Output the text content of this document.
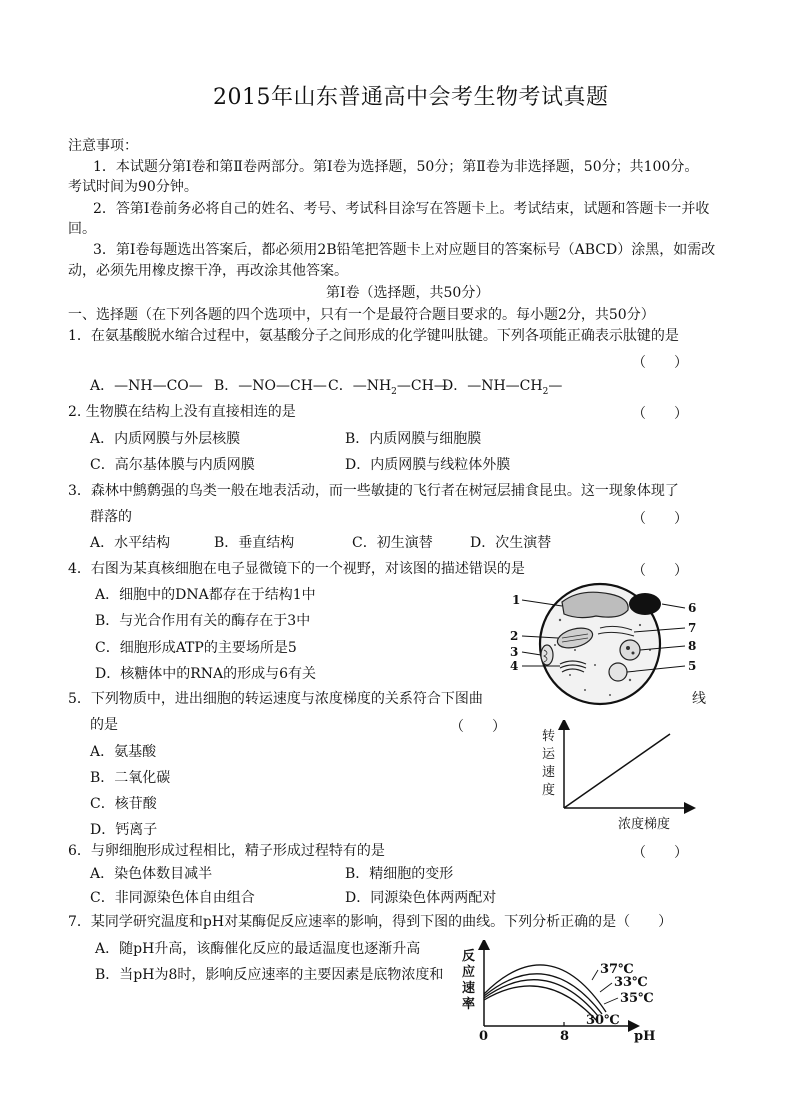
2015年山东普通高中会考生物考试真题
注意事项：
1．本试题分第Ⅰ卷和第Ⅱ卷两部分。第Ⅰ卷为选择题，50分；第Ⅱ卷为非选择题，50分；共100分。
考试时间为90分钟。
2．答第Ⅰ卷前务必将自己的姓名、考号、考试科目涂写在答题卡上。考试结束，试题和答题卡一并收
回。
3．第Ⅰ卷每题选出答案后，都必须用2B铅笔把答题卡上对应题目的答案标号（ABCD）涂黑，如需改
动，必须先用橡皮擦干净，再改涂其他答案。
第Ⅰ卷（选择题，共50分）
一、选择题（在下列各题的四个选项中，只有一个是最符合题目要求的。每小题2分，共50分）
1．在氨基酸脱水缩合过程中，氨基酸分子之间形成的化学键叫肽键。下列各项能正确表示肽键的是
（　　）
A．—NH—CO— B．—NO—CH— C．$—NH_2—CH—$
D．$—NH—CH_2—$
2. 生物膜在结构上没有直接相连的是	（　　）
A．内质网膜与外层核膜	B．内质网膜与细胞膜
C．高尔基体膜与内质网膜	D．内质网膜与线粒体外膜
3．森林中鹪鹩强的鸟类一般在地表活动，而一些敏捷的飞行者在树冠层捕食昆虫。这一现象体现了
群落的	（　　）
A．水平结构	B．垂直结构	C．初生演替	D．次生演替
4．右图为某真核细胞在电子显微镜下的一个视野，对该图的描述错误的是	（　　）
A．细胞中的DNA都存在于结构1中
B．与光合作用有关的酶存在于3中
C．细胞形成ATP的主要场所是5
D．核糖体中的RNA的形成与6有关
1
2
3
4	5
6
7
8
5．下列物质中，进出细胞的转运速度与浓度梯度的关系符合下图曲	线
的是	（　　）
A．氨基酸
B．二氧化碳
C．核苷酸
D．钙离子
转
运
速
度
浓度梯度
6．与卵细胞形成过程相比，精子形成过程特有的是	（　　）
A．染色体数目减半	B．精细胞的变形
C．非同源染色体自由组合	D．同源染色体两两配对
7．某同学研究温度和pH对某酶促反应速率的影响，得到下图的曲线。下列分析正确的是（　　）
A．随pH升高，该酶催化反应的最适温度也逐渐升高
B．当pH为8时，影响反应速率的主要因素是底物浓度和
反
应
速
率
0	8	pH
37℃
33℃
35℃
30℃
